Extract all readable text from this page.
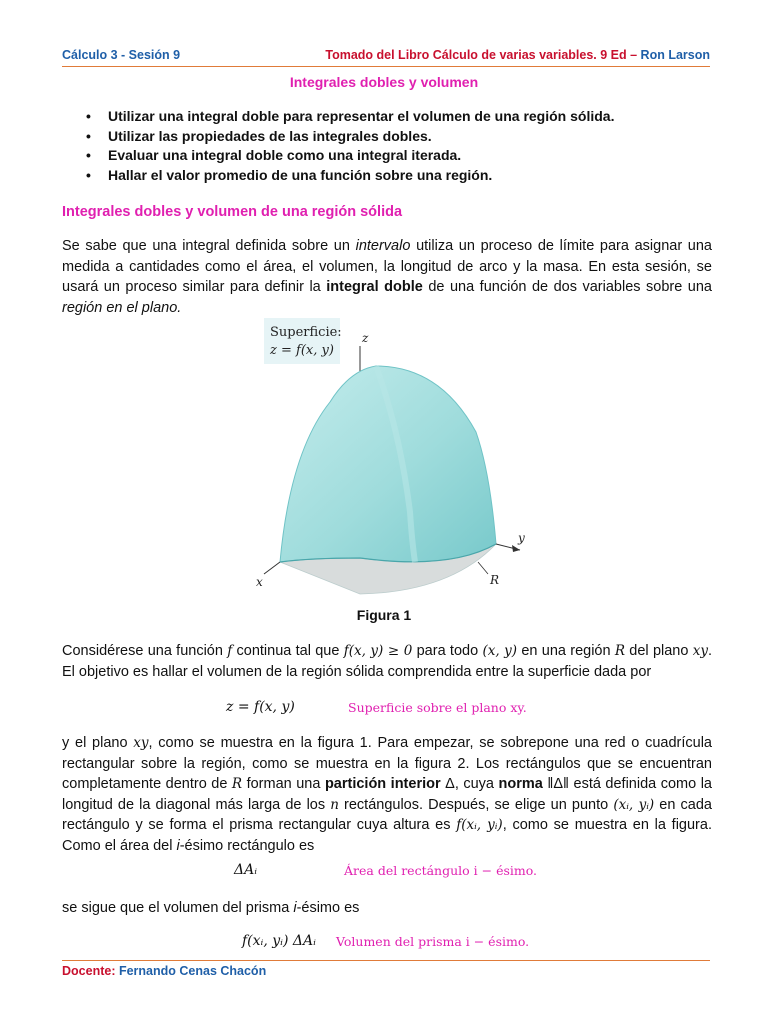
Cálculo 3 - Sesión 9	Tomado del Libro Cálculo de varias variables. 9 Ed – Ron Larson
Integrales dobles y volumen
• Utilizar una integral doble para representar el volumen de una región sólida.
• Utilizar las propiedades de las integrales dobles.
• Evaluar una integral doble como una integral iterada.
• Hallar el valor promedio de una función sobre una región.
Integrales dobles y volumen de una región sólida
Se sabe que una integral definida sobre un intervalo utiliza un proceso de límite para asignar una medida a cantidades como el área, el volumen, la longitud de arco y la masa. En esta sesión, se usará un proceso similar para definir la integral doble de una función de dos variables sobre una región en el plano.
Superficie:
z = f(x, y)
z
y
x	R
Figura 1
Considérese una función f continua tal que f(x, y) ≥ 0 para todo (x, y) en una región R del plano xy. El objetivo es hallar el volumen de la región sólida comprendida entre la superficie dada por
z = f(x, y)	Superficie sobre el plano xy.
y el plano xy, como se muestra en la figura 1. Para empezar, se sobrepone una red o cuadrícula rectangular sobre la región, como se muestra en la figura 2. Los rectángulos que se encuentran completamente dentro de R forman una partición interior Δ, cuya norma ‖Δ‖ está definida como la longitud de la diagonal más larga de los n rectángulos. Después, se elige un punto (xᵢ, yᵢ) en cada rectángulo y se forma el prisma rectangular cuya altura es f(xᵢ, yᵢ), como se muestra en la figura. Como el área del i-ésimo rectángulo es
ΔAᵢ	Área del rectángulo i − ésimo.
se sigue que el volumen del prisma i-ésimo es
f(xᵢ, yᵢ) ΔAᵢ Volumen del prisma i − ésimo.
Docente: Fernando Cenas Chacón
